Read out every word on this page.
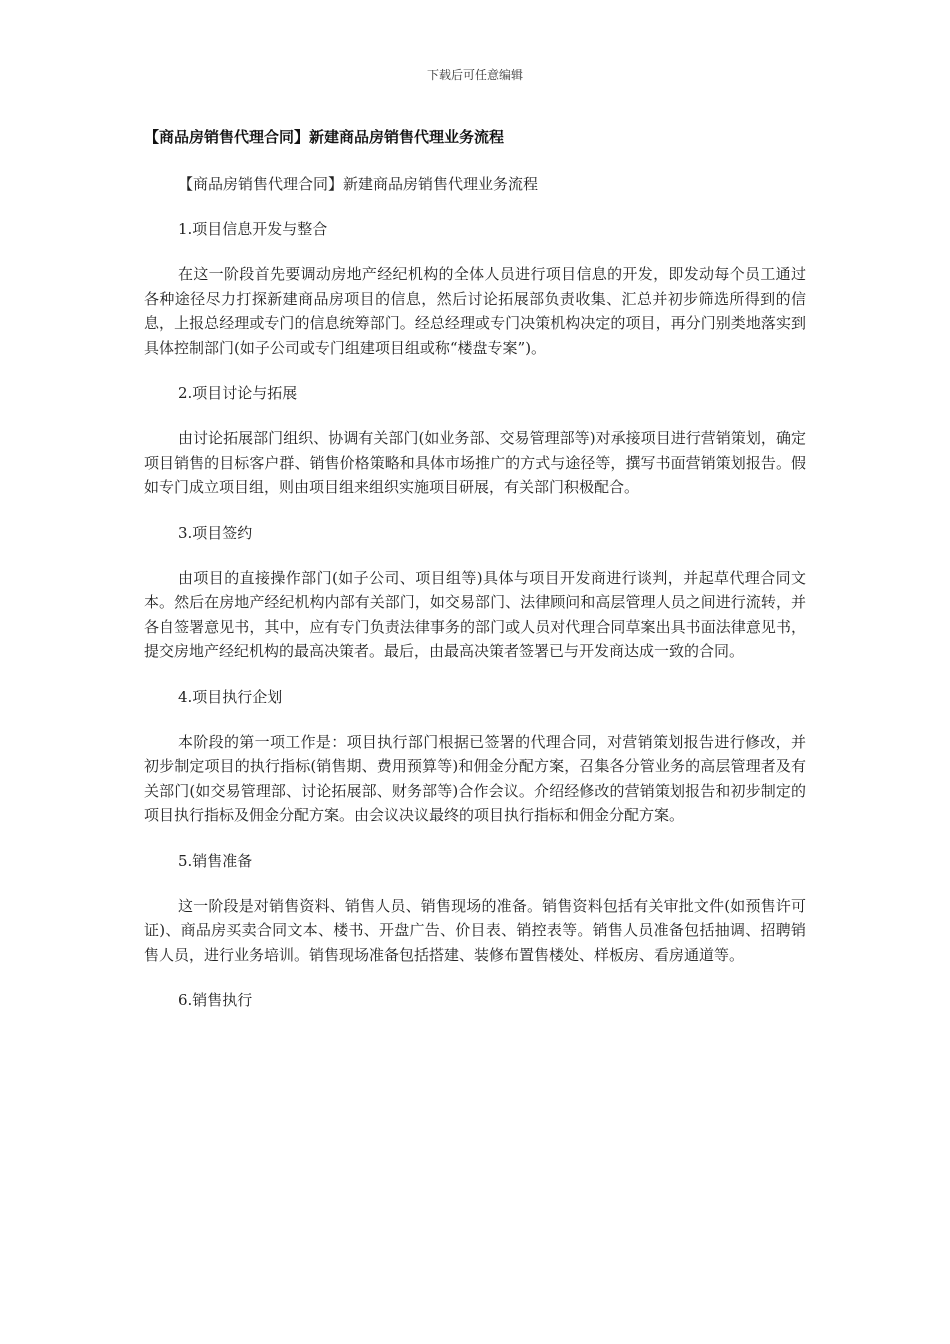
下载后可任意编辑
【商品房销售代理合同】新建商品房销售代理业务流程

【商品房销售代理合同】新建商品房销售代理业务流程

1.项目信息开发与整合

在这一阶段首先要调动房地产经纪机构的全体人员进行项目信息的开发，即发动每个员工通过各种途径尽力打探新建商品房项目的信息，然后讨论拓展部负责收集、汇总并初步筛选所得到的信息，上报总经理或专门的信息统筹部门。经总经理或专门决策机构决定的项目，再分门别类地落实到具体控制部门(如子公司或专门组建项目组或称“楼盘专案”)。

2.项目讨论与拓展

由讨论拓展部门组织、协调有关部门(如业务部、交易管理部等)对承接项目进行营销策划，确定项目销售的目标客户群、销售价格策略和具体市场推广的方式与途径等，撰写书面营销策划报告。假如专门成立项目组，则由项目组来组织实施项目研展，有关部门积极配合。

3.项目签约

由项目的直接操作部门(如子公司、项目组等)具体与项目开发商进行谈判，并起草代理合同文本。然后在房地产经纪机构内部有关部门，如交易部门、法律顾问和高层管理人员之间进行流转，并各自签署意见书，其中，应有专门负责法律事务的部门或人员对代理合同草案出具书面法律意见书，提交房地产经纪机构的最高决策者。最后，由最高决策者签署已与开发商达成一致的合同。

4.项目执行企划

本阶段的第一项工作是：项目执行部门根据已签署的代理合同，对营销策划报告进行修改，并初步制定项目的执行指标(销售期、费用预算等)和佣金分配方案，召集各分管业务的高层管理者及有关部门(如交易管理部、讨论拓展部、财务部等)合作会议。介绍经修改的营销策划报告和初步制定的项目执行指标及佣金分配方案。由会议决议最终的项目执行指标和佣金分配方案。

5.销售准备

这一阶段是对销售资料、销售人员、销售现场的准备。销售资料包括有关审批文件(如预售许可证)、商品房买卖合同文本、楼书、开盘广告、价目表、销控表等。销售人员准备包括抽调、招聘销售人员，进行业务培训。销售现场准备包括搭建、装修布置售楼处、样板房、看房通道等。

6.销售执行
